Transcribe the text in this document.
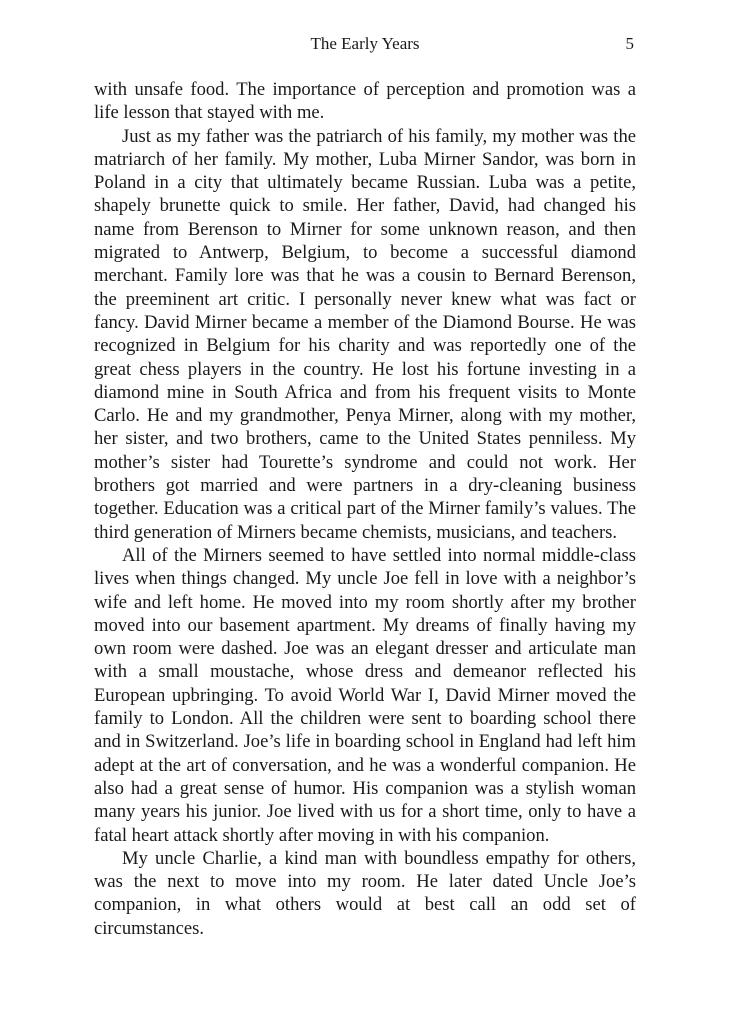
The Early Years	5

with unsafe food. The importance of perception and promotion was a life lesson that stayed with me.

Just as my father was the patriarch of his family, my mother was the matriarch of her family. My mother, Luba Mirner Sandor, was born in Poland in a city that ultimately became Russian. Luba was a petite, shapely brunette quick to smile. Her father, David, had changed his name from Berenson to Mirner for some unknown reason, and then migrated to Antwerp, Belgium, to become a successful diamond merchant. Family lore was that he was a cousin to Bernard Berenson, the preeminent art critic. I personally never knew what was fact or fancy. David Mirner became a member of the Diamond Bourse. He was recognized in Belgium for his charity and was reportedly one of the great chess players in the country. He lost his fortune investing in a diamond mine in South Africa and from his frequent visits to Monte Carlo. He and my grandmother, Penya Mirner, along with my mother, her sister, and two brothers, came to the United States penniless. My mother’s sister had Tourette’s syndrome and could not work. Her brothers got married and were partners in a dry-cleaning business together. Education was a critical part of the Mirner family’s values. The third generation of Mirners became chemists, musicians, and teachers.

All of the Mirners seemed to have settled into normal middle-class lives when things changed. My uncle Joe fell in love with a neighbor’s wife and left home. He moved into my room shortly after my brother moved into our basement apartment. My dreams of finally having my own room were dashed. Joe was an elegant dresser and articulate man with a small moustache, whose dress and demeanor reflected his European upbringing. To avoid World War I, David Mirner moved the family to London. All the children were sent to boarding school there and in Switzerland. Joe’s life in boarding school in England had left him adept at the art of conversation, and he was a wonderful companion. He also had a great sense of humor. His companion was a stylish woman many years his junior. Joe lived with us for a short time, only to have a fatal heart attack shortly after moving in with his companion.

My uncle Charlie, a kind man with boundless empathy for others, was the next to move into my room. He later dated Uncle Joe’s companion, in what others would at best call an odd set of circumstances.
